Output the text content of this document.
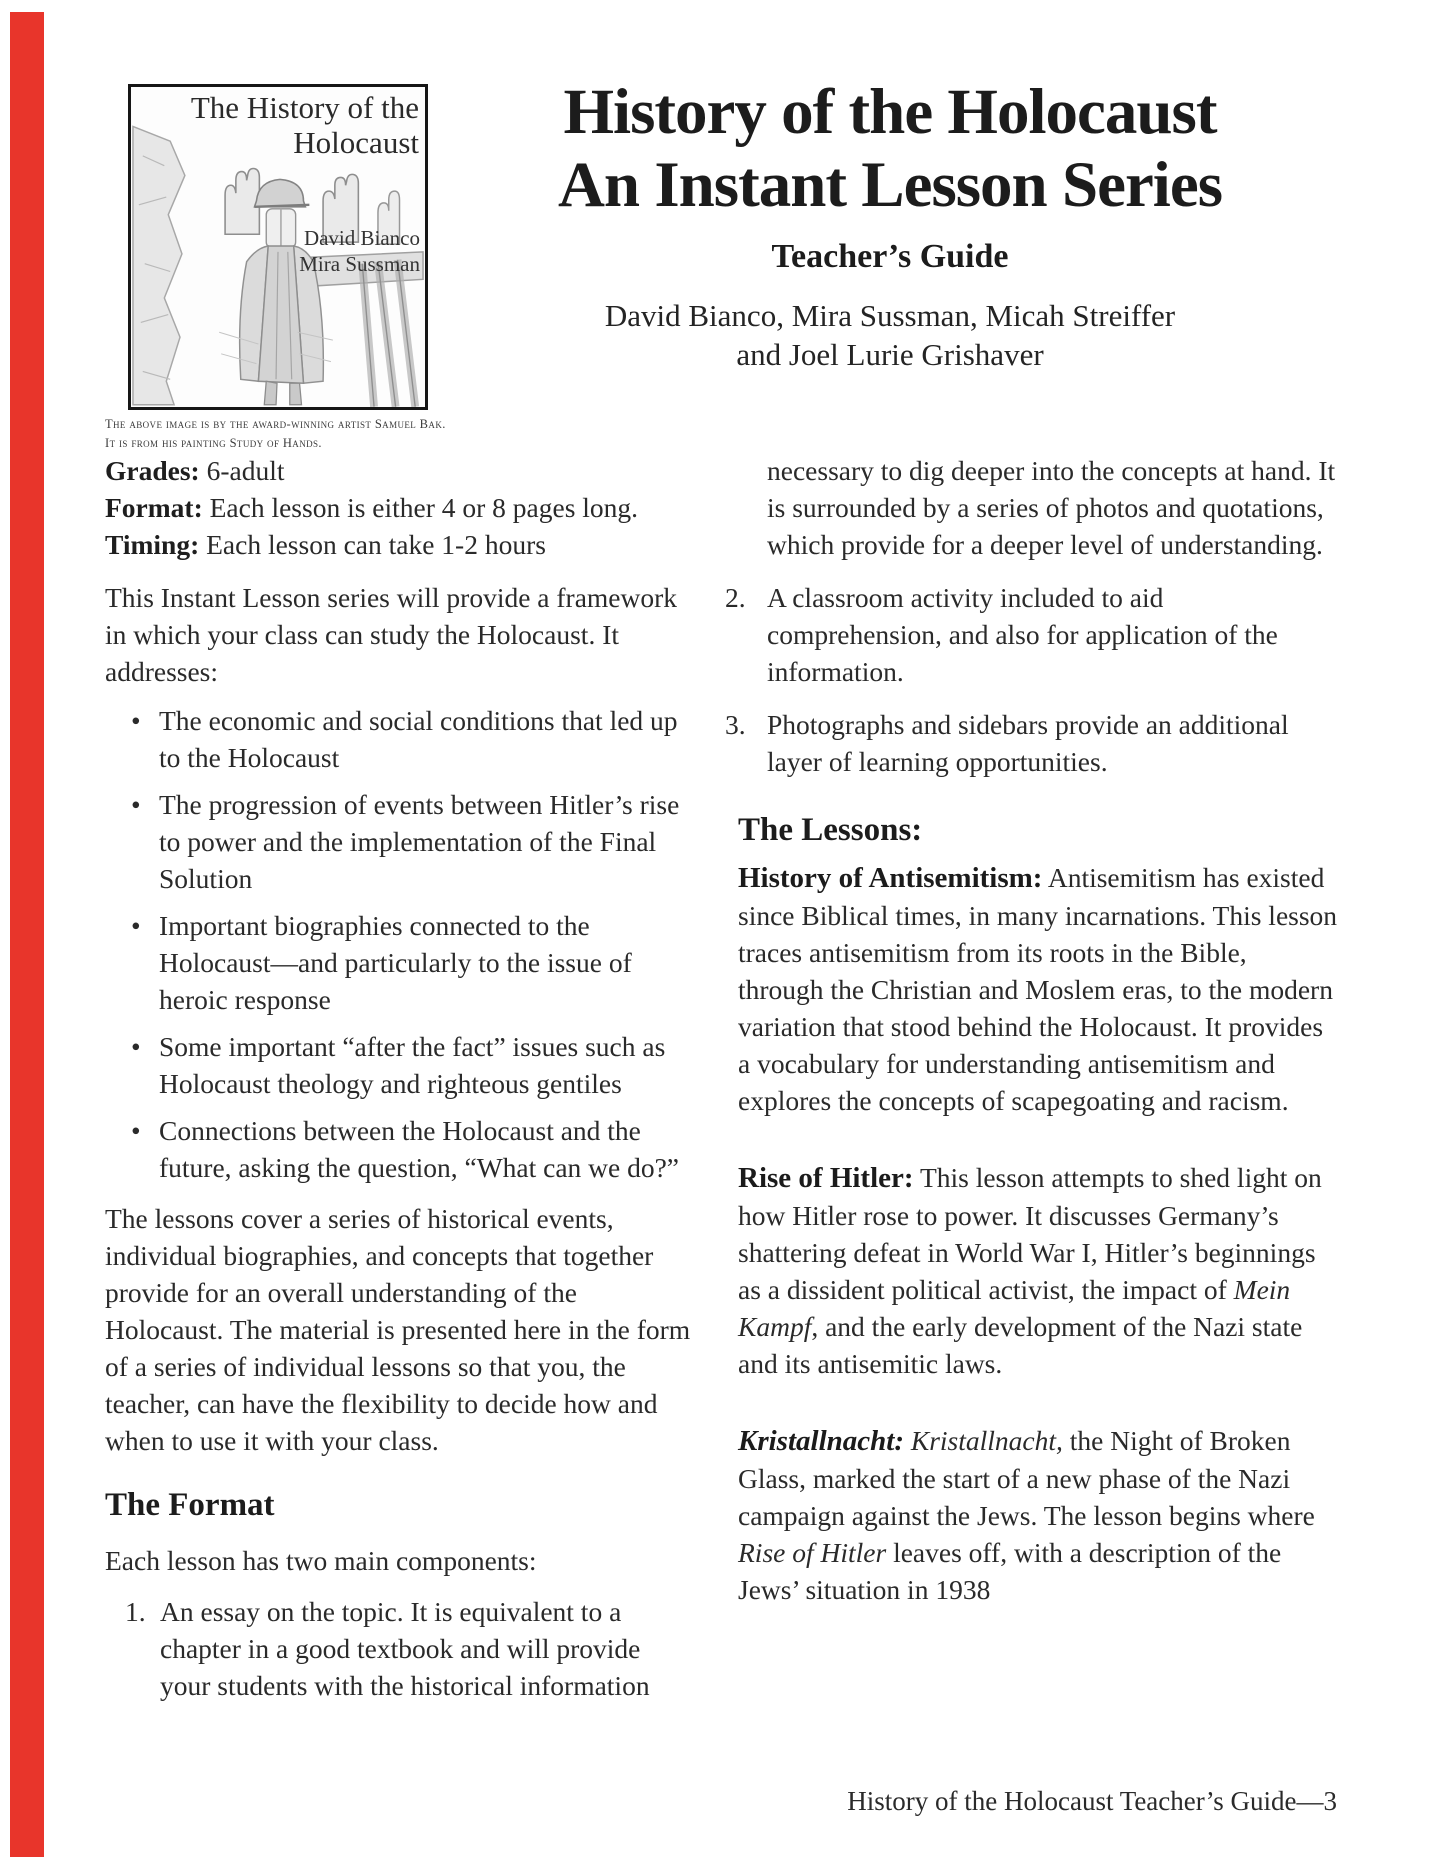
The History of the
Holocaust
David Bianco
Mira Sussman
The above image is by the award-winning artist Samuel Bak. It is from his painting Study of Hands.
History of the Holocaust
An Instant Lesson Series
Teacher’s Guide
David Bianco, Mira Sussman, Micah Streiffer
and Joel Lurie Grishaver
Grades: 6-adult
Format: Each lesson is either 4 or 8 pages long.
Timing: Each lesson can take 1-2 hours

This Instant Lesson series will provide a framework in which your class can study the Holocaust. It addresses:

• The economic and social conditions that led up to the Holocaust
• The progression of events between Hitler’s rise to power and the implementation of the Final Solution
• Important biographies connected to the Holocaust—and particularly to the issue of heroic response
• Some important “after the fact” issues such as Holocaust theology and righteous gentiles
• Connections between the Holocaust and the future, asking the question, “What can we do?”

The lessons cover a series of historical events, individual biographies, and concepts that together provide for an overall understanding of the Holocaust. The material is presented here in the form of a series of individual lessons so that you, the teacher, can have the flexibility to decide how and when to use it with your class.

The Format

Each lesson has two main components:

1. An essay on the topic. It is equivalent to a chapter in a good textbook and will provide your students with the historical information
necessary to dig deeper into the concepts at hand. It is surrounded by a series of photos and quotations, which provide for a deeper level of understanding.
2. A classroom activity included to aid comprehension, and also for application of the information.
3. Photographs and sidebars provide an additional layer of learning opportunities.
The Lessons:

History of Antisemitism: Antisemitism has existed since Biblical times, in many incarnations. This lesson traces antisemitism from its roots in the Bible, through the Christian and Moslem eras, to the modern variation that stood behind the Holocaust. It provides a vocabulary for understanding antisemitism and explores the concepts of scapegoating and racism.

Rise of Hitler: This lesson attempts to shed light on how Hitler rose to power. It discusses Germany’s shattering defeat in World War I, Hitler’s beginnings as a dissident political activist, the impact of Mein Kampf, and the early development of the Nazi state and its antisemitic laws.

Kristallnacht: Kristallnacht, the Night of Broken Glass, marked the start of a new phase of the Nazi campaign against the Jews. The lesson begins where Rise of Hitler leaves off, with a description of the Jews’ situation in 1938

History of the Holocaust Teacher’s Guide—3
